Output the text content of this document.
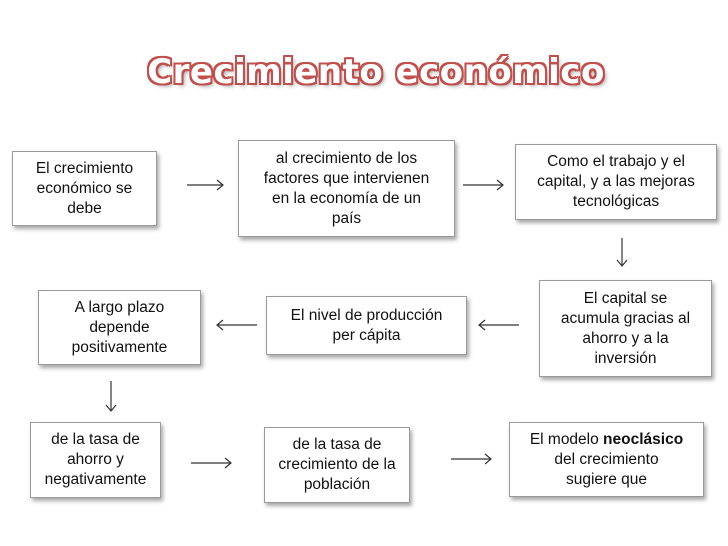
Crecimiento económico
El crecimiento
económico se
debe
al crecimiento de los
factores que intervienen
en la economía de un
país
Como el trabajo y el
capital, y a las mejoras
tecnológicas
A largo plazo
depende
positivamente
El nivel de producción
per cápita
El capital se
acumula gracias al
ahorro y a la
inversión
de la tasa de
ahorro y
negativamente
de la tasa de
crecimiento de la
población
El modelo neoclásico
del crecimiento
sugiere que
